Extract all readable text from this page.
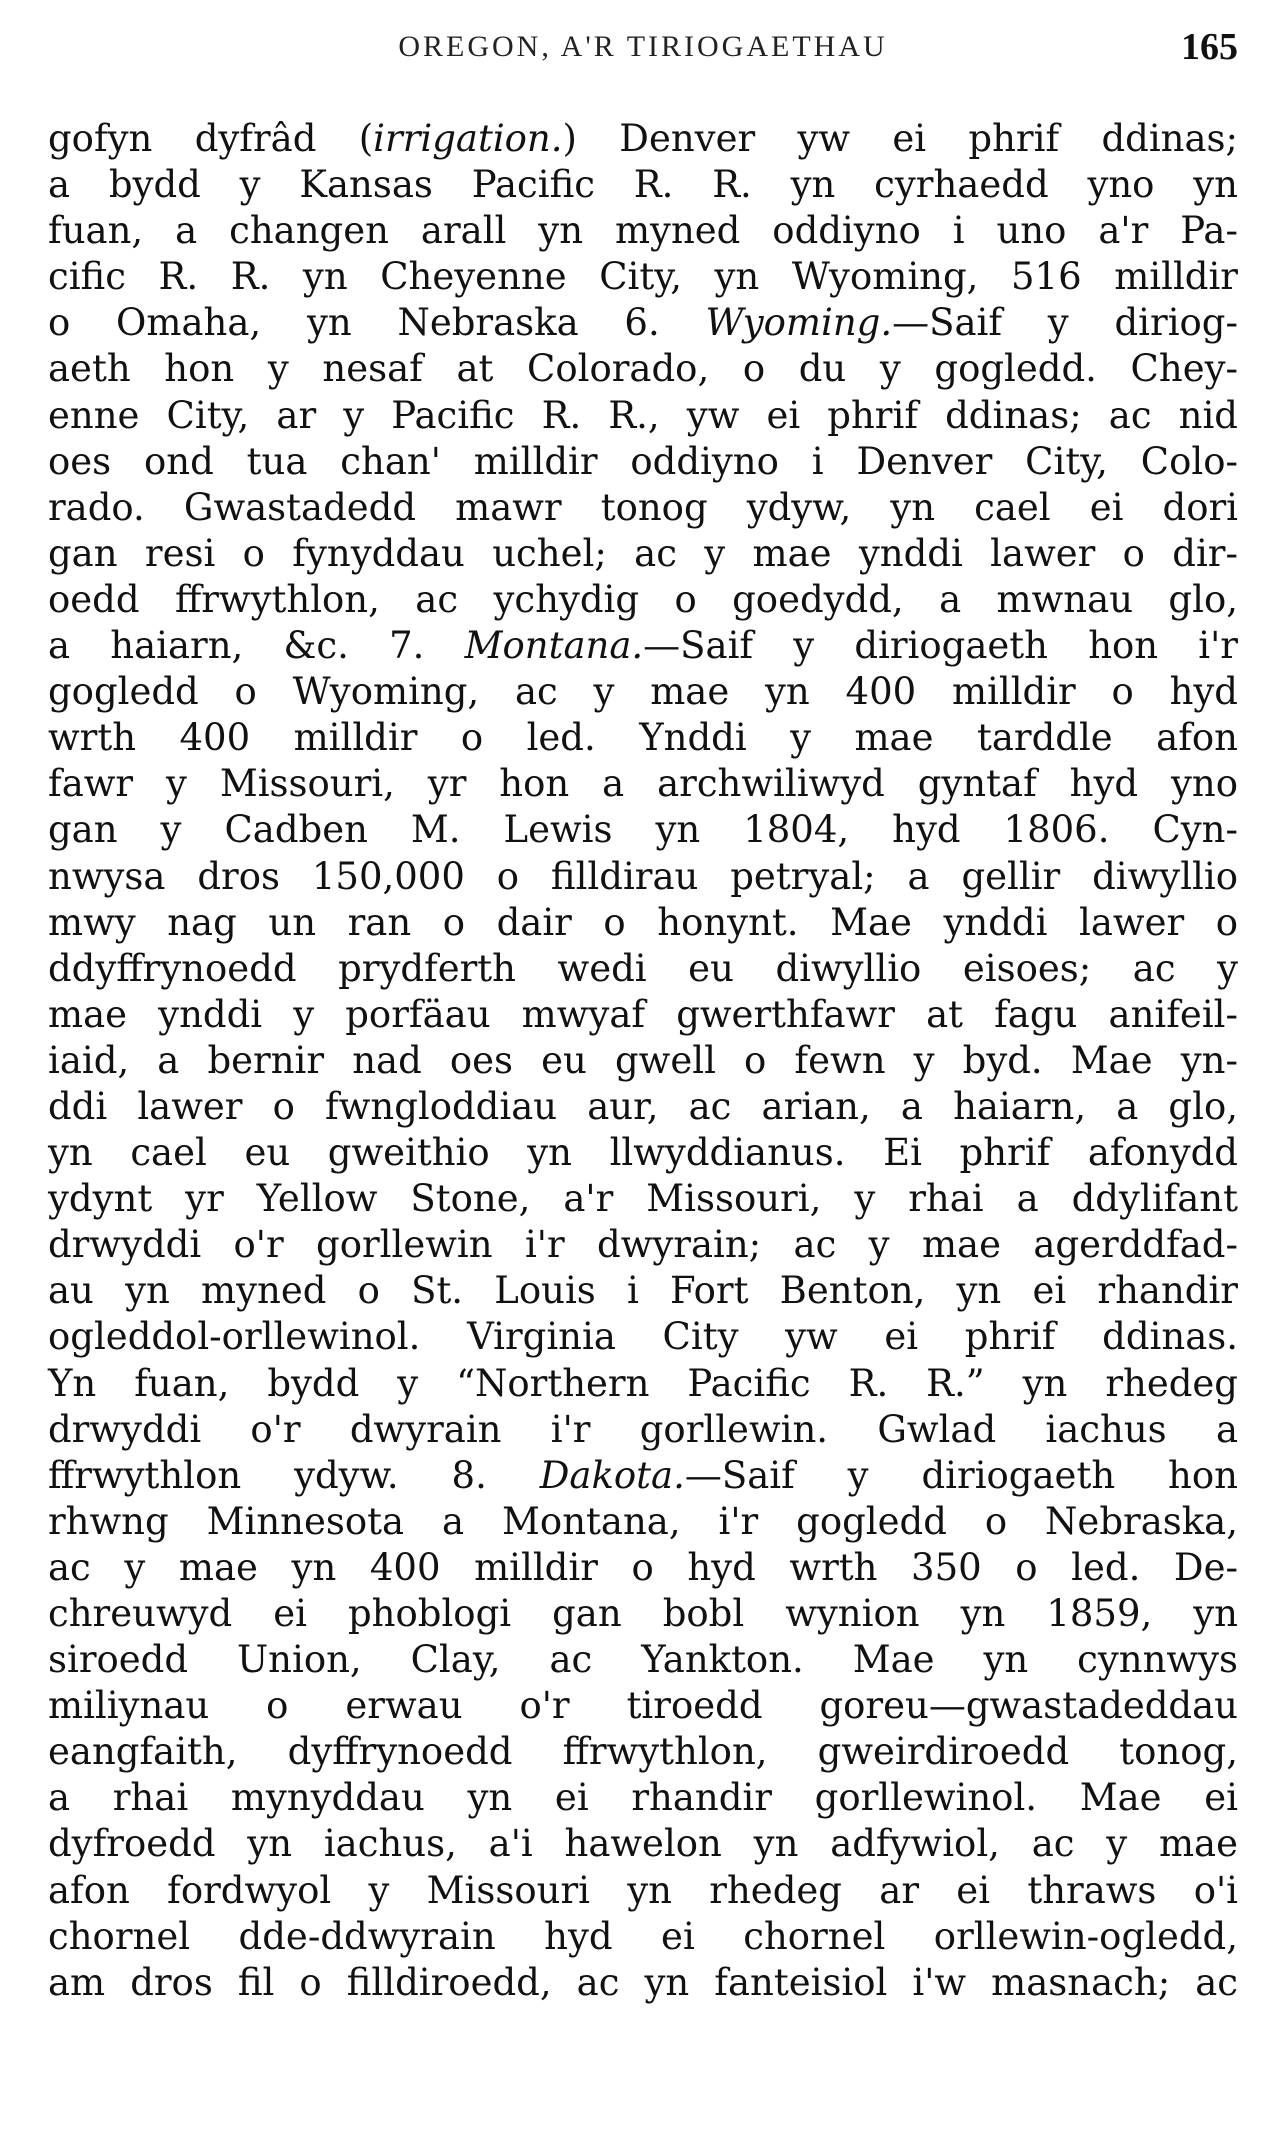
OREGON, A'R TIRIOGAETHAU	165
gofyn dyfrâd (irrigation.) Denver yw ei phrif ddinas;
a bydd y Kansas Pacific R. R. yn cyrhaedd yno yn
fuan, a changen arall yn myned oddiyno i uno a'r Pa-
cific R. R. yn Cheyenne City, yn Wyoming, 516 milldir
o Omaha, yn Nebraska 6. Wyoming.—Saif y diriog-
aeth hon y nesaf at Colorado, o du y gogledd. Chey-
enne City, ar y Pacific R. R., yw ei phrif ddinas; ac nid
oes ond tua chan' milldir oddiyno i Denver City, Colo-
rado. Gwastadedd mawr tonog ydyw, yn cael ei dori
gan resi o fynyddau uchel; ac y mae ynddi lawer o dir-
oedd ffrwythlon, ac ychydig o goedydd, a mwnau glo,
a haiarn, &c. 7. Montana.—Saif y diriogaeth hon i'r
gogledd o Wyoming, ac y mae yn 400 milldir o hyd
wrth 400 milldir o led. Ynddi y mae tarddle afon
fawr y Missouri, yr hon a archwiliwyd gyntaf hyd yno
gan y Cadben M. Lewis yn 1804, hyd 1806. Cyn-
nwysa dros 150,000 o filldirau petryal; a gellir diwyllio
mwy nag un ran o dair o honynt. Mae ynddi lawer o
ddyffrynoedd prydferth wedi eu diwyllio eisoes; ac y
mae ynddi y porfäau mwyaf gwerthfawr at fagu anifeil-
iaid, a bernir nad oes eu gwell o fewn y byd. Mae yn-
ddi lawer o fwngloddiau aur, ac arian, a haiarn, a glo,
yn cael eu gweithio yn llwyddianus. Ei phrif afonydd
ydynt yr Yellow Stone, a'r Missouri, y rhai a ddylifant
drwyddi o'r gorllewin i'r dwyrain; ac y mae agerddfad-
au yn myned o St. Louis i Fort Benton, yn ei rhandir
ogleddol-orllewinol. Virginia City yw ei phrif ddinas.
Yn fuan, bydd y “Northern Pacific R. R.” yn rhedeg
drwyddi o'r dwyrain i'r gorllewin. Gwlad iachus a
ffrwythlon ydyw. 8. Dakota.—Saif y diriogaeth hon
rhwng Minnesota a Montana, i'r gogledd o Nebraska,
ac y mae yn 400 milldir o hyd wrth 350 o led. De-
chreuwyd ei phoblogi gan bobl wynion yn 1859, yn
siroedd Union, Clay, ac Yankton. Mae yn cynnwys
miliynau o erwau o'r tiroedd goreu—gwastadeddau
eangfaith, dyffrynoedd ffrwythlon, gweirdiroedd tonog,
a rhai mynyddau yn ei rhandir gorllewinol. Mae ei
dyfroedd yn iachus, a'i hawelon yn adfywiol, ac y mae
afon fordwyol y Missouri yn rhedeg ar ei thraws o'i
chornel dde-ddwyrain hyd ei chornel orllewin-ogledd,
am dros fil o filldiroedd, ac yn fanteisiol i'w masnach; ac
